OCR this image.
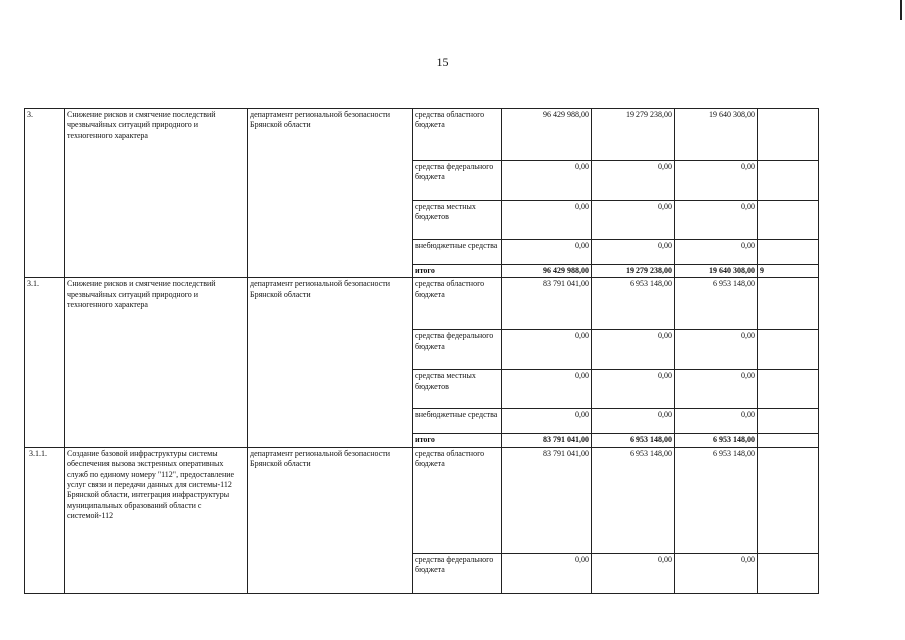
15
3.	Снижение рисков и смягчение последствий чрезвычайных ситуаций природного и техногенного характера	департамент региональной безопасности Брянской области	средства областного бюджета	96 429 988,00	19 279 238,00	19 640 308,00	
			средства федерального бюджета	0,00	0,00	0,00	
			средства местных бюджетов	0,00	0,00	0,00	
			внебюджетные средства	0,00	0,00	0,00	
			итого	96 429 988,00	19 279 238,00	19 640 308,00	9
3.1.	Снижение рисков и смягчение последствий чрезвычайных ситуаций природного и техногенного характера	департамент региональной безопасности Брянской области	средства областного бюджета	83 791 041,00	6 953 148,00	6 953 148,00	
			средства федерального бюджета	0,00	0,00	0,00	
			средства местных бюджетов	0,00	0,00	0,00	
			внебюджетные средства	0,00	0,00	0,00	
			итого	83 791 041,00	6 953 148,00	6 953 148,00	
3.1.1.	Создание базовой инфраструктуры системы обеспечения вызова экстренных оперативных служб по единому номеру "112", предоставление услуг связи и передачи данных для системы-112 Брянской области, интеграция инфраструктуры муниципальных образований области с системой-112	департамент региональной безопасности Брянской области	средства областного бюджета	83 791 041,00	6 953 148,00	6 953 148,00	
			средства федерального бюджета	0,00	0,00	0,00	
